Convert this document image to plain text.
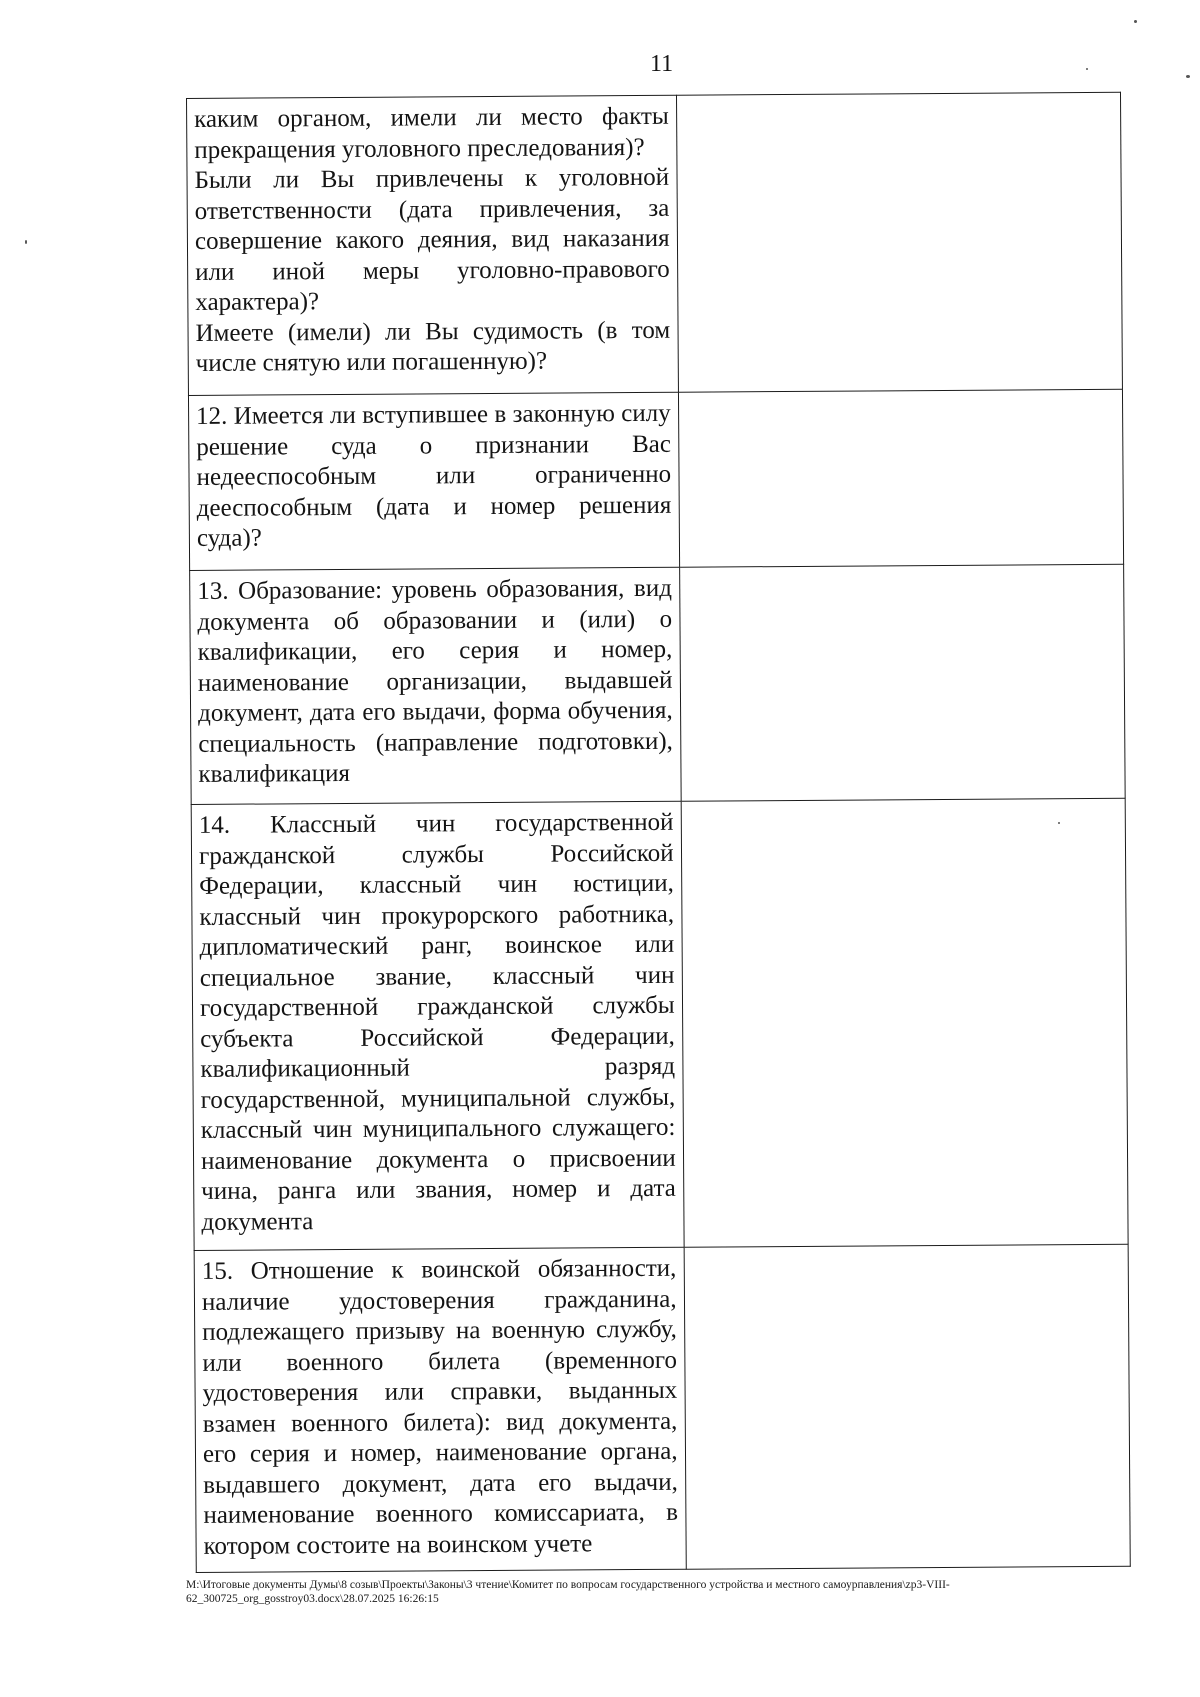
11
каким органом, имели ли место факты прекращения уголовного преследования)?
Были ли Вы привлечены к уголовной ответственности (дата привлечения, за совершение какого деяния, вид наказания или иной меры уголовно-правового характера)?
Имеете (имели) ли Вы судимость (в том числе снятую или погашенную)?	

12. Имеется ли вступившее в законную силу решение суда о признании Вас недееспособным или ограниченно дееспособным (дата и номер решения суда)?	

13. Образование: уровень образования, вид документа об образовании и (или) о квалификации, его серия и номер, наименование организации, выдавшей документ, дата его выдачи, форма обучения, специальность (направление подготовки), квалификация	

14. Классный чин государственной гражданской службы Российской Федерации, классный чин юстиции, классный чин прокурорского работника, дипломатический ранг, воинское или специальное звание, классный чин государственной гражданской службы субъекта Российской Федерации, квалификационный разряд государственной, муниципальной службы, классный чин муниципального служащего: наименование документа о присвоении чина, ранга или звания, номер и дата документа	

15. Отношение к воинской обязанности, наличие удостоверения гражданина, подлежащего призыву на военную службу, или военного билета (временного удостоверения или справки, выданных взамен военного билета): вид документа, его серия и номер, наименование органа, выдавшего документ, дата его выдачи, наименование военного комиссариата, в котором состоите на воинском учете	

M:\Итоговые документы Думы\8 созыв\Проекты\Законы\3 чтение\Комитет по вопросам государственного устройства и местного самоурпавления\zp3-VIII-62_300725_org_gosstroy03.docx\28.07.2025 16:26:15
